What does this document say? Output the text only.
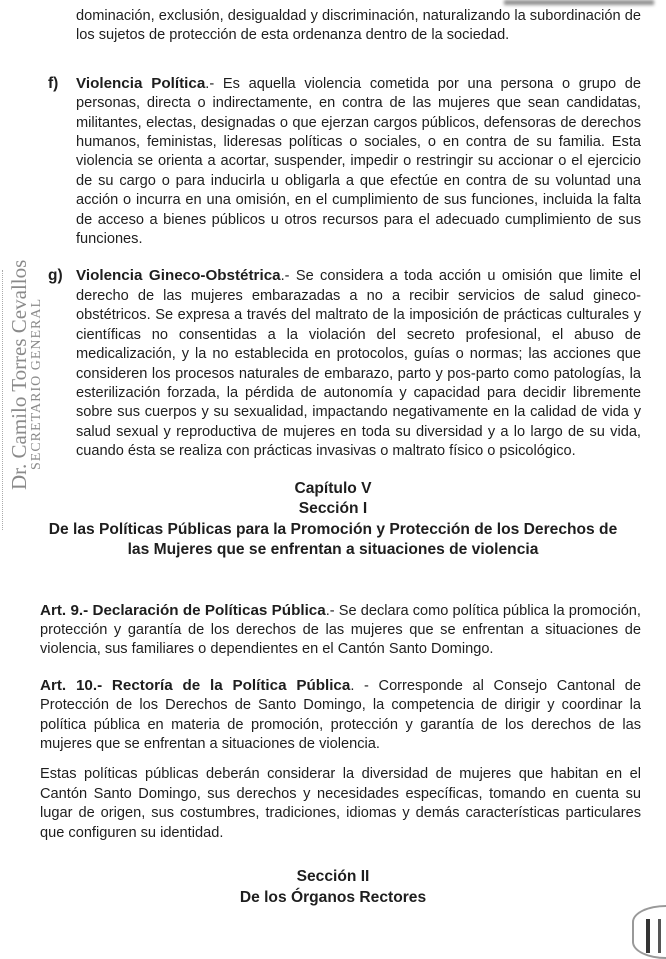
dominación, exclusión, desigualdad y discriminación, naturalizando la subordinación de los sujetos de protección de esta ordenanza dentro de la sociedad.
f) Violencia Política.- Es aquella violencia cometida por una persona o grupo de personas, directa o indirectamente, en contra de las mujeres que sean candidatas, militantes, electas, designadas o que ejerzan cargos públicos, defensoras de derechos humanos, feministas, lideresas políticas o sociales, o en contra de su familia. Esta violencia se orienta a acortar, suspender, impedir o restringir su accionar o el ejercicio de su cargo o para inducirla u obligarla a que efectúe en contra de su voluntad una acción o incurra en una omisión, en el cumplimiento de sus funciones, incluida la falta de acceso a bienes públicos u otros recursos para el adecuado cumplimiento de sus funciones.
g) Violencia Gineco-Obstétrica.- Se considera a toda acción u omisión que limite el derecho de las mujeres embarazadas a no a recibir servicios de salud gineco-obstétricos. Se expresa a través del maltrato de la imposición de prácticas culturales y científicas no consentidas a la violación del secreto profesional, el abuso de medicalización, y la no establecida en protocolos, guías o normas; las acciones que consideren los procesos naturales de embarazo, parto y pos-parto como patologías, la esterilización forzada, la pérdida de autonomía y capacidad para decidir libremente sobre sus cuerpos y su sexualidad, impactando negativamente en la calidad de vida y salud sexual y reproductiva de mujeres en toda su diversidad y a lo largo de su vida, cuando ésta se realiza con prácticas invasivas o maltrato físico o psicológico.
Capítulo V
Sección I
De las Políticas Públicas para la Promoción y Protección de los Derechos de
las Mujeres que se enfrentan a situaciones de violencia
Art. 9.- Declaración de Políticas Pública.- Se declara como política pública la promoción, protección y garantía de los derechos de las mujeres que se enfrentan a situaciones de violencia, sus familiares o dependientes en el Cantón Santo Domingo.
Art. 10.- Rectoría de la Política Pública. - Corresponde al Consejo Cantonal de Protección de los Derechos de Santo Domingo, la competencia de dirigir y coordinar la política pública en materia de promoción, protección y garantía de los derechos de las mujeres que se enfrentan a situaciones de violencia.
Estas políticas públicas deberán considerar la diversidad de mujeres que habitan en el Cantón Santo Domingo, sus derechos y necesidades específicas, tomando en cuenta su lugar de origen, sus costumbres, tradiciones, idiomas y demás características particulares que configuren su identidad.
Sección II
De los Órganos Rectores
Dr. Camilo Torres Cevallos
SECRETARIO GENERAL
